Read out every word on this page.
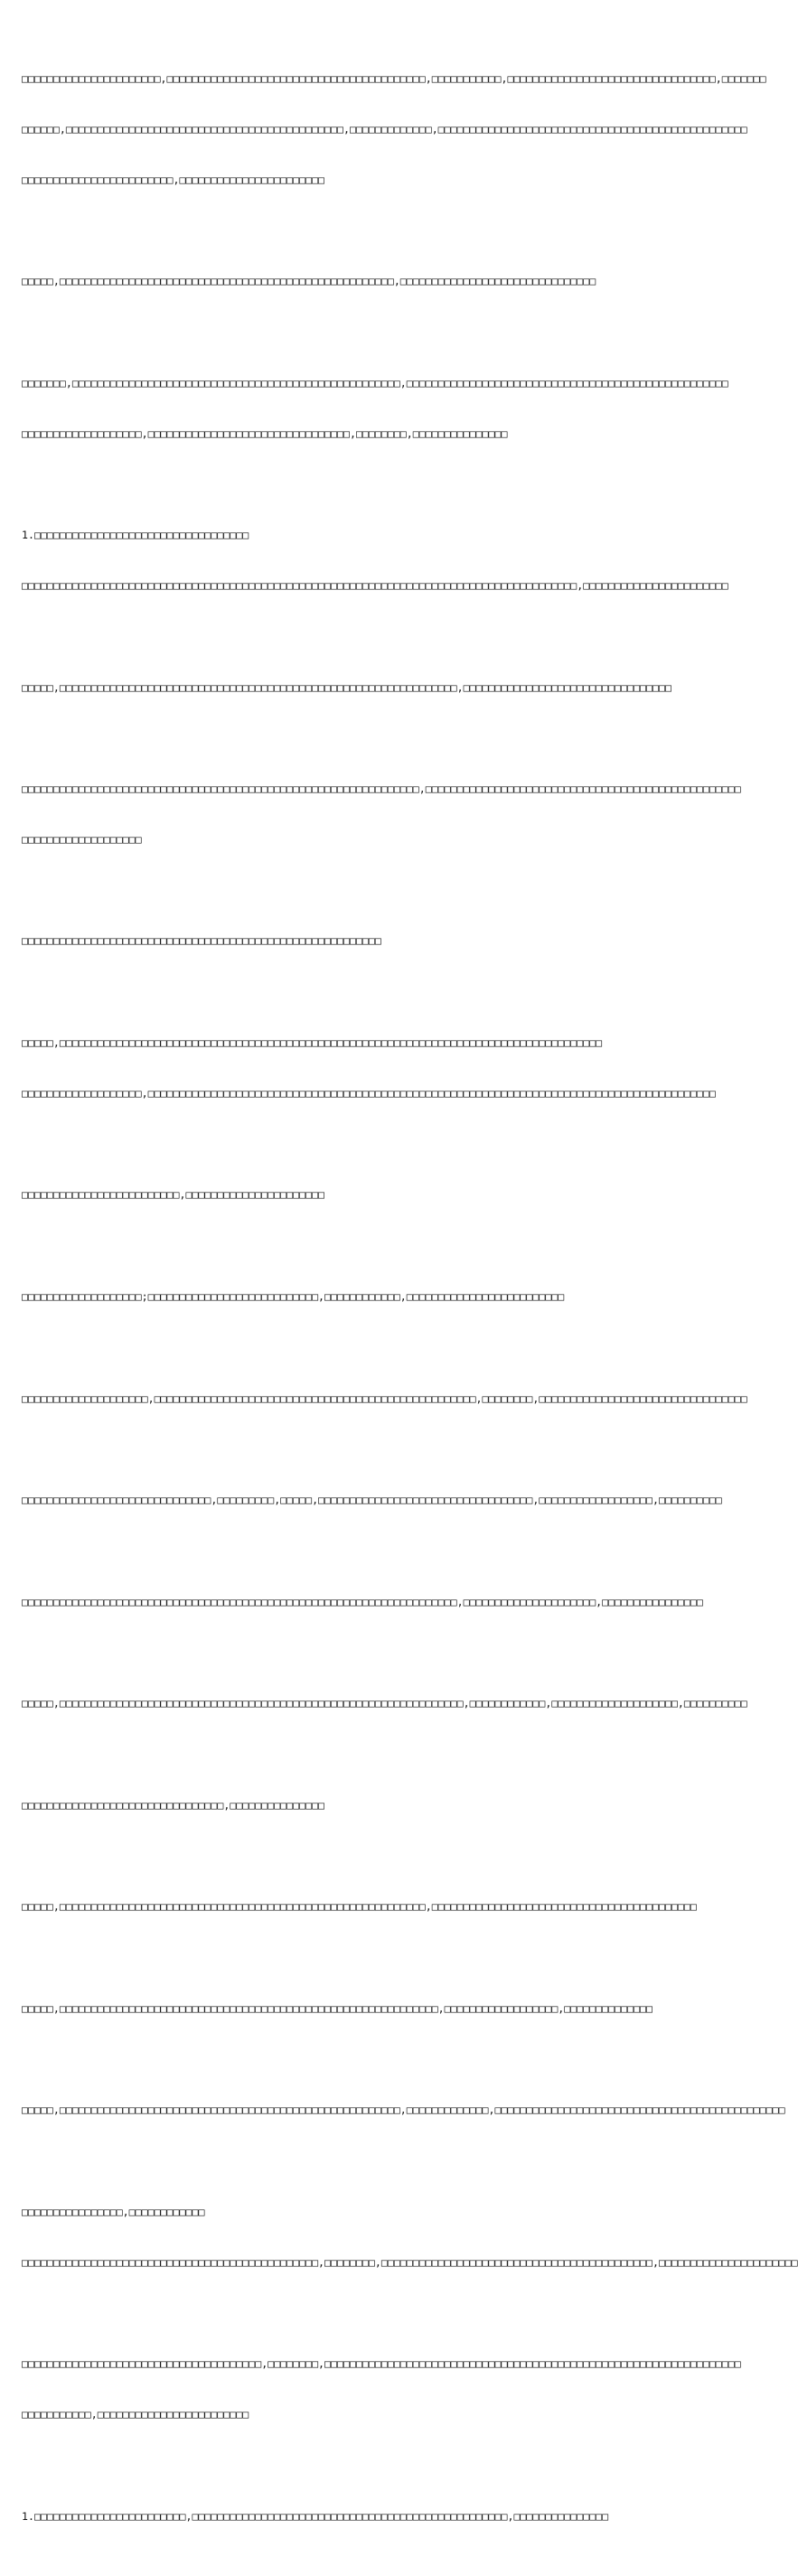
□□□□□□□□□□□□□□□□□□□□□□,□□□□□□□□□□□□□□□□□□□□□□□□□□□□□□□□□□□□□□□□□,□□□□□□□□□□□,□□□□□□□□□□□□□□□□□□□□□□□□□□□□□□□□□,□□□□□□□

□□□□□□,□□□□□□□□□□□□□□□□□□□□□□□□□□□□□□□□□□□□□□□□□□□□,□□□□□□□□□□□□□,□□□□□□□□□□□□□□□□□□□□□□□□□□□□□□□□□□□□□□□□□□□□□□□□□

□□□□□□□□□□□□□□□□□□□□□□□□,□□□□□□□□□□□□□□□□□□□□□□□

□□□□□,□□□□□□□□□□□□□□□□□□□□□□□□□□□□□□□□□□□□□□□□□□□□□□□□□□□□□,□□□□□□□□□□□□□□□□□□□□□□□□□□□□□□□

□□□□□□□,□□□□□□□□□□□□□□□□□□□□□□□□□□□□□□□□□□□□□□□□□□□□□□□□□□□□,□□□□□□□□□□□□□□□□□□□□□□□□□□□□□□□□□□□□□□□□□□□□□□□□□□□

□□□□□□□□□□□□□□□□□□□,□□□□□□□□□□□□□□□□□□□□□□□□□□□□□□□□,□□□□□□□□,□□□□□□□□□□□□□□□

1.□□□□□□□□□□□□□□□□□□□□□□□□□□□□□□□□□□

□□□□□□□□□□□□□□□□□□□□□□□□□□□□□□□□□□□□□□□□□□□□□□□□□□□□□□□□□□□□□□□□□□□□□□□□□□□□□□□□□□□□□□□□,□□□□□□□□□□□□□□□□□□□□□□□

□□□□□,□□□□□□□□□□□□□□□□□□□□□□□□□□□□□□□□□□□□□□□□□□□□□□□□□□□□□□□□□□□□□□□,□□□□□□□□□□□□□□□□□□□□□□□□□□□□□□□□□

□□□□□□□□□□□□□□□□□□□□□□□□□□□□□□□□□□□□□□□□□□□□□□□□□□□□□□□□□□□□□□□,□□□□□□□□□□□□□□□□□□□□□□□□□□□□□□□□□□□□□□□□□□□□□□□□□□

□□□□□□□□□□□□□□□□□□□

□□□□□□□□□□□□□□□□□□□□□□□□□□□□□□□□□□□□□□□□□□□□□□□□□□□□□□□□□

□□□□□,□□□□□□□□□□□□□□□□□□□□□□□□□□□□□□□□□□□□□□□□□□□□□□□□□□□□□□□□□□□□□□□□□□□□□□□□□□□□□□□□□□□□□□

□□□□□□□□□□□□□□□□□□□,□□□□□□□□□□□□□□□□□□□□□□□□□□□□□□□□□□□□□□□□□□□□□□□□□□□□□□□□□□□□□□□□□□□□□□□□□□□□□□□□□□□□□□□□□□

□□□□□□□□□□□□□□□□□□□□□□□□□,□□□□□□□□□□□□□□□□□□□□□□

□□□□□□□□□□□□□□□□□□□;□□□□□□□□□□□□□□□□□□□□□□□□□□□,□□□□□□□□□□□□,□□□□□□□□□□□□□□□□□□□□□□□□□

□□□□□□□□□□□□□□□□□□□□,□□□□□□□□□□□□□□□□□□□□□□□□□□□□□□□□□□□□□□□□□□□□□□□□□□□,□□□□□□□□,□□□□□□□□□□□□□□□□□□□□□□□□□□□□□□□□□

□□□□□□□□□□□□□□□□□□□□□□□□□□□□□□,□□□□□□□□□,□□□□□,□□□□□□□□□□□□□□□□□□□□□□□□□□□□□□□□□□,□□□□□□□□□□□□□□□□□□,□□□□□□□□□□

□□□□□□□□□□□□□□□□□□□□□□□□□□□□□□□□□□□□□□□□□□□□□□□□□□□□□□□□□□□□□□□□□□□□□,□□□□□□□□□□□□□□□□□□□□□,□□□□□□□□□□□□□□□□

□□□□□,□□□□□□□□□□□□□□□□□□□□□□□□□□□□□□□□□□□□□□□□□□□□□□□□□□□□□□□□□□□□□□□□,□□□□□□□□□□□□,□□□□□□□□□□□□□□□□□□□□,□□□□□□□□□□

□□□□□□□□□□□□□□□□□□□□□□□□□□□□□□□□,□□□□□□□□□□□□□□□

□□□□□,□□□□□□□□□□□□□□□□□□□□□□□□□□□□□□□□□□□□□□□□□□□□□□□□□□□□□□□□□□,□□□□□□□□□□□□□□□□□□□□□□□□□□□□□□□□□□□□□□□□□□

□□□□□,□□□□□□□□□□□□□□□□□□□□□□□□□□□□□□□□□□□□□□□□□□□□□□□□□□□□□□□□□□□□,□□□□□□□□□□□□□□□□□□,□□□□□□□□□□□□□□

□□□□□,□□□□□□□□□□□□□□□□□□□□□□□□□□□□□□□□□□□□□□□□□□□□□□□□□□□□□□,□□□□□□□□□□□□□,□□□□□□□□□□□□□□□□□□□□□□□□□□□□□□□□□□□□□□□□□□□□□□

□□□□□□□□□□□□□□□□,□□□□□□□□□□□□

□□□□□□□□□□□□□□□□□□□□□□□□□□□□□□□□□□□□□□□□□□□□□□□,□□□□□□□□,□□□□□□□□□□□□□□□□□□□□□□□□□□□□□□□□□□□□□□□□□□□,□□□□□□□□□□□□□□□□□□□□□□

□□□□□□□□□□□□□□□□□□□□□□□□□□□□□□□□□□□□□□,□□□□□□□□,□□□□□□□□□□□□□□□□□□□□□□□□□□□□□□□□□□□□□□□□□□□□□□□□□□□□□□□□□□□□□□□□□□

□□□□□□□□□□□,□□□□□□□□□□□□□□□□□□□□□□□□

1.□□□□□□□□□□□□□□□□□□□□□□□□,□□□□□□□□□□□□□□□□□□□□□□□□□□□□□□□□□□□□□□□□□□□□□□□□□□,□□□□□□□□□□□□□□□
